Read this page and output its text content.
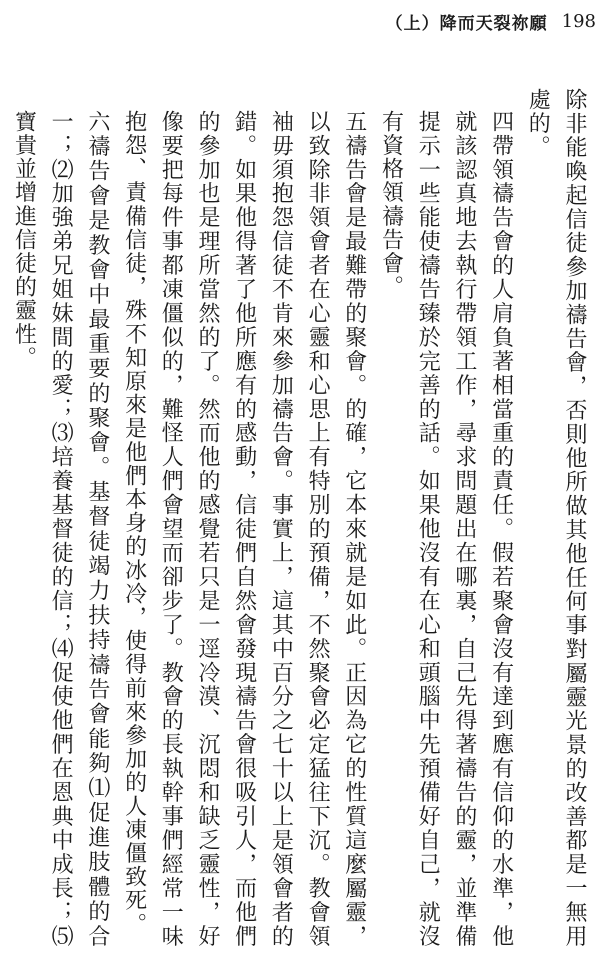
（上）降而天裂祢願 198

除非能喚起信徒參加禱告會，否則他所做其他任何事對屬靈光景的改善都是一無用處的。

四帶領禱告會的人肩負著相當重的責任。假若聚會沒有達到應有信仰的水準，他就該認真地去執行帶領工作，尋求問題出在哪裏，自己先得著禱告的靈，並準備提示一些能使禱告臻於完善的話。如果他沒有在心和頭腦中先預備好自己，就沒有資格領禱告會。

五禱告會是最難帶的聚會。的確，它本來就是如此。正因為它的性質這麼屬靈，以致除非領會者在心靈和心思上有特別的預備，不然聚會必定猛往下沉。教會領袖毋須抱怨信徒不肯來參加禱告會。事實上，這其中百分之七十以上是領會者的錯。如果他得著了他所應有的感動，信徒們自然會發現禱告會很吸引人，而他們的參加也是理所當然的了。然而他的感覺若只是一逕冷漠、沉悶和缺乏靈性，好像要把每件事都凍僵似的，難怪人們會望而卻步了。教會的長執幹事們經常一味抱怨、責備信徒，殊不知原來是他們本身的冰冷，使得前來參加的人凍僵致死。

六禱告會是教會中最重要的聚會。基督徒竭力扶持禱告會能夠⑴促進肢體的合一；⑵加強弟兄姐妹間的愛；⑶培養基督徒的信；⑷促使他們在恩典中成長；⑸寶貴並增進信徒的靈性。
